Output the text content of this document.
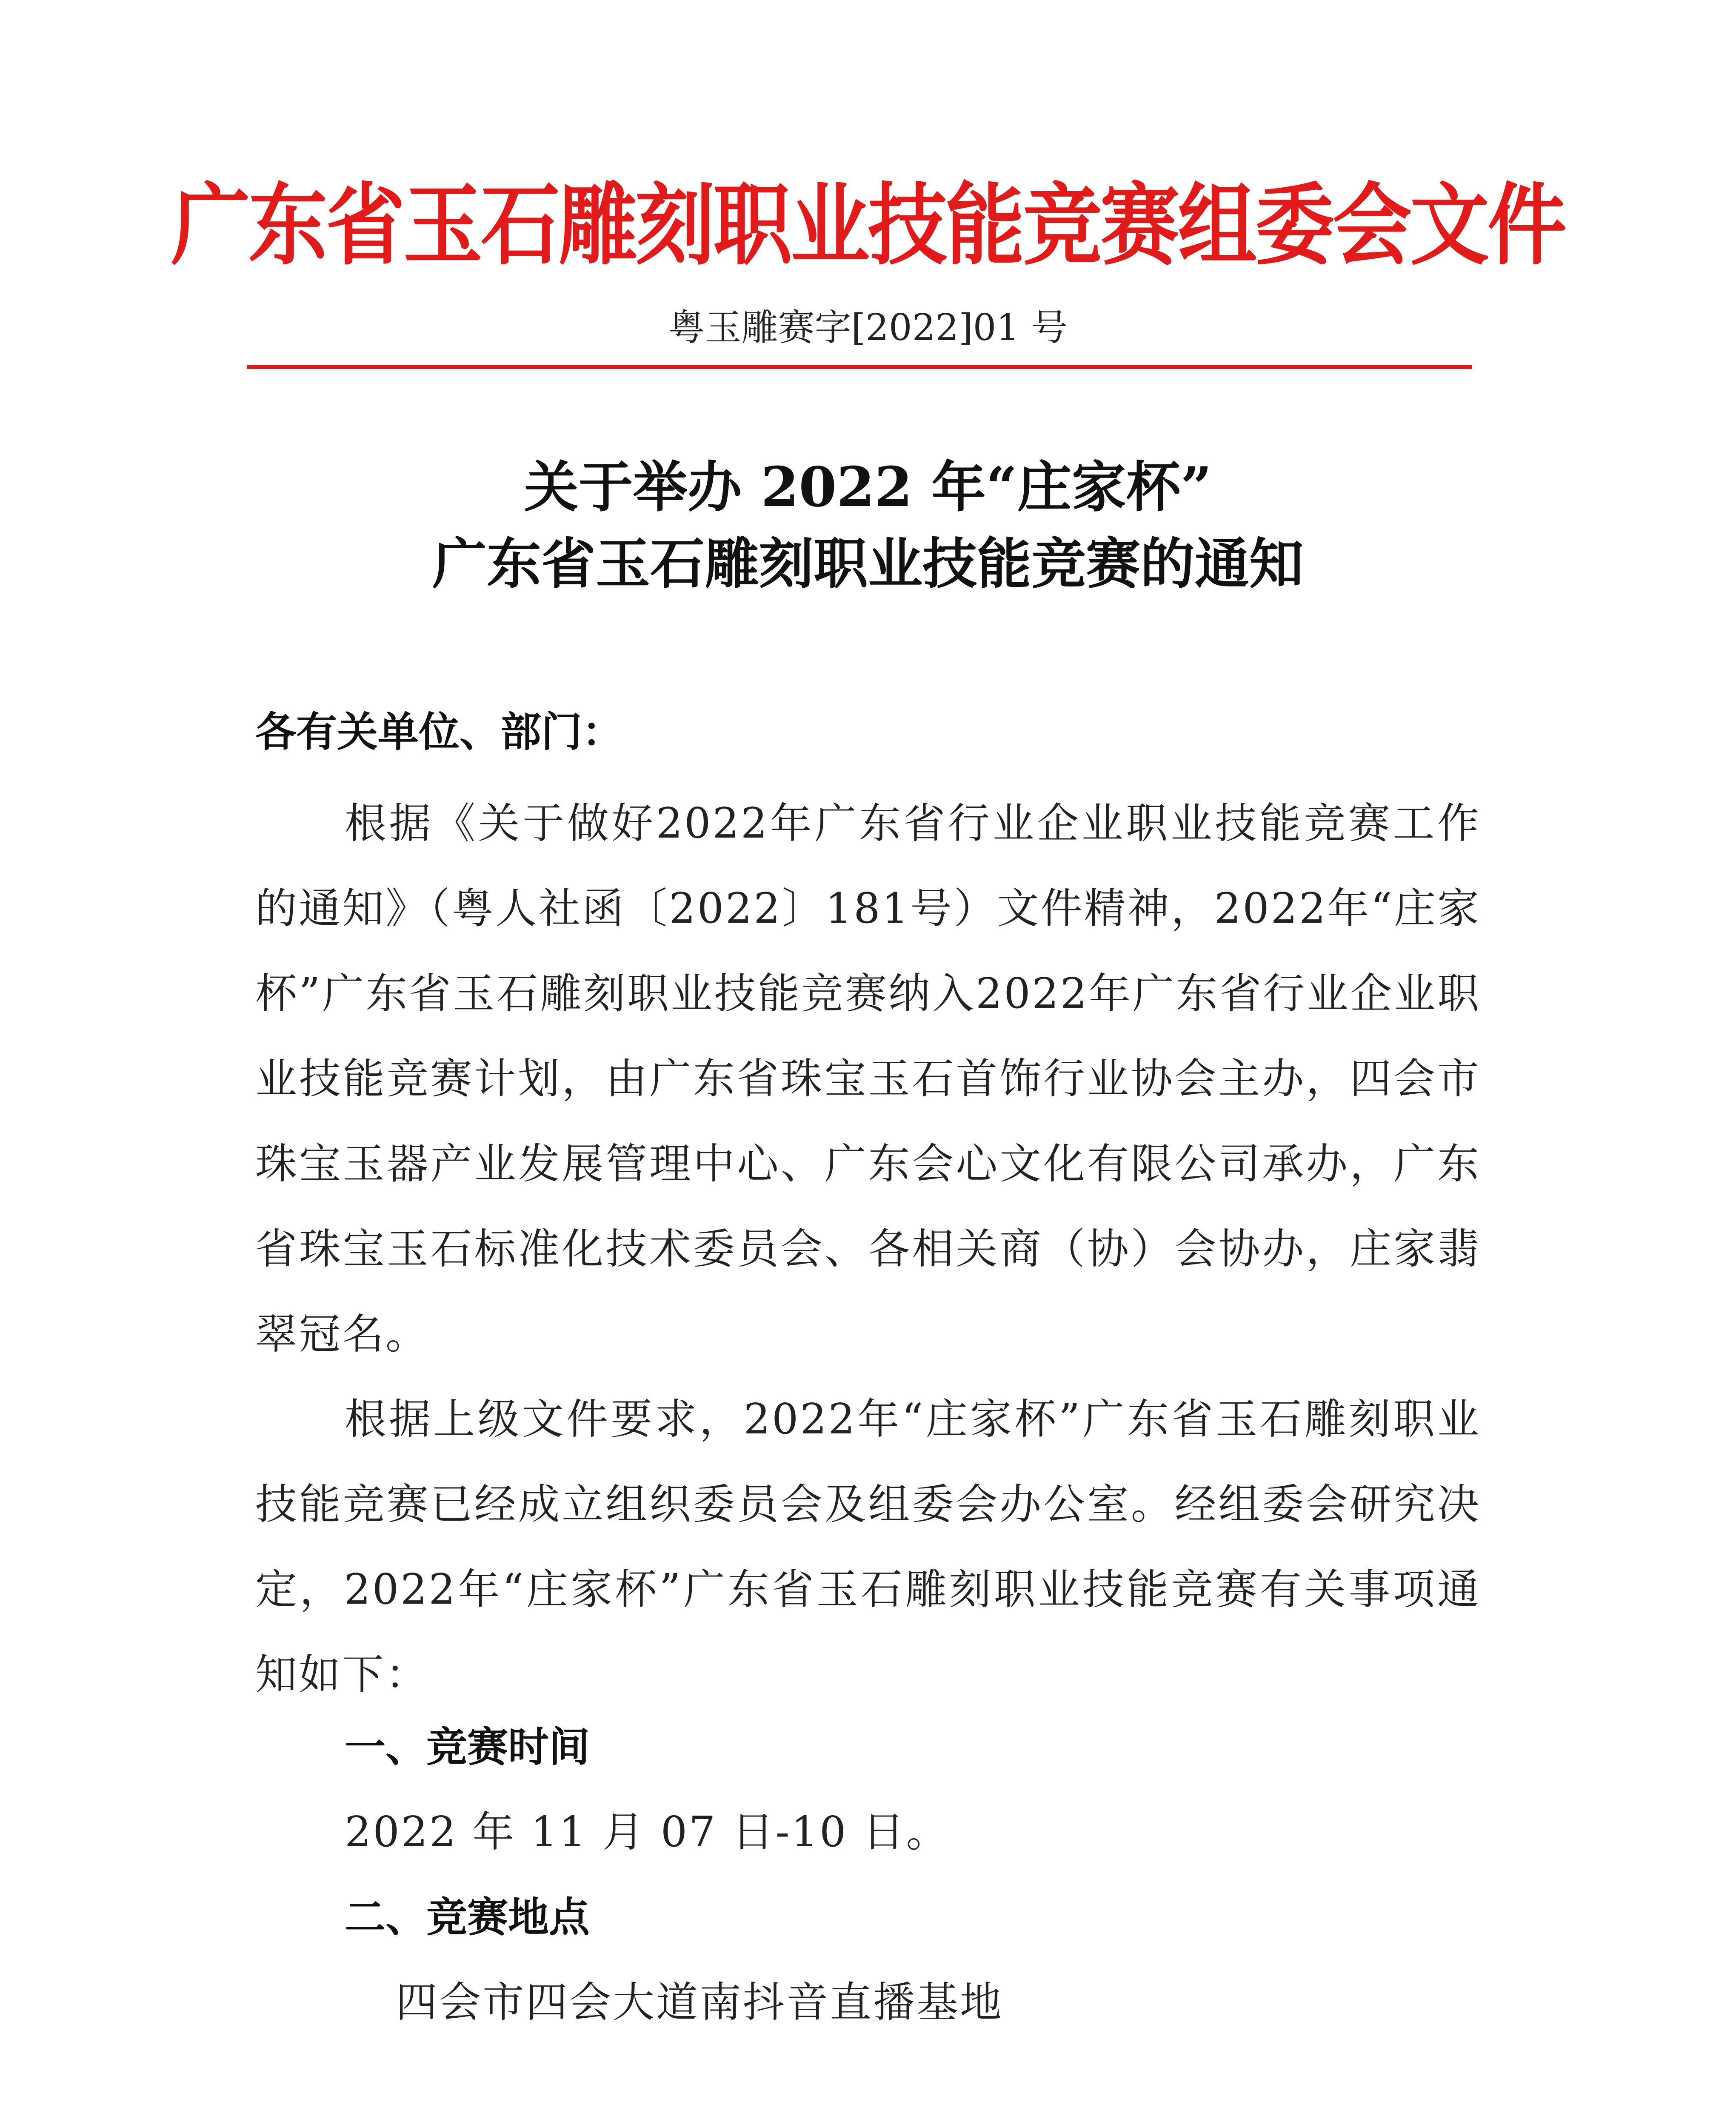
广东省玉石雕刻职业技能竞赛组委会文件
粤玉雕赛字[2022]01 号
关于举办 2022 年“庄家杯”
广东省玉石雕刻职业技能竞赛的通知
各有关单位、部门：
根据《关于做好2022年广东省行业企业职业技能竞赛工作的通知》（粤人社函〔2022〕181号）文件精神，2022年“庄家杯”广东省玉石雕刻职业技能竞赛纳入2022年广东省行业企业职业技能竞赛计划，由广东省珠宝玉石首饰行业协会主办，四会市珠宝玉器产业发展管理中心、广东会心文化有限公司承办，广东省珠宝玉石标准化技术委员会、各相关商（协）会协办，庄家翡翠冠名。
根据上级文件要求，2022年“庄家杯”广东省玉石雕刻职业技能竞赛已经成立组织委员会及组委会办公室。经组委会研究决定，2022年“庄家杯”广东省玉石雕刻职业技能竞赛有关事项通知如下：
一、竞赛时间
2022 年 11 月 07 日-10 日。
二、竞赛地点
四会市四会大道南抖音直播基地
